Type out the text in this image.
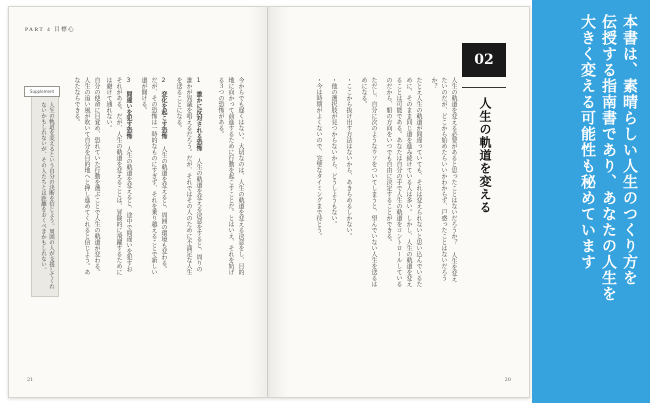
PART 4 目標心

今からでも遅くはない。大切なのは、人生の軌道を変える決意をし、目的地に向かって前進するために行動を起こすことだ。とはいえ、それを妨げる３つの恐怖がある。

1 誰かに反対される恐怖 人生の軌道を変える決意をすると、周りの誰かが異議を唱えるだろう。だが、それではその人のために不満足な人生を送ることになる。

2 変化を起こす恐怖 人生の軌道を変えると、周囲の環境も変わる。だが、その恐怖は一時的なものにすぎず、それを乗り越えることで新しい道が開ける。

3 間違いを犯す恐怖 人生の軌道を変えると、途中で間違いを犯すおそれがある。だが、人生の軌道を変えることは、冒険的に飛躍するためには避けて通れない。

自分の使命に目覚め、恐れていた行動を選ぶことで人生の軌道が変わる。人生の追い風が吹いて自分を目的地へと押し進めてくれると信じよう。あなたならできる。

Supplement

人生の軌道を変えるという自分の決断を信じよう。周囲の人が支援してくれないかもしれないが、その人たちとは距離をおくべきかもしれない。

21
02
人生の軌道を変える

人生の軌道を変える必要があると思ったことはないだろうか？ 人生を変えたいのだが、どこから始めたらいいかわからず、戸惑ったことはないだろうか？

たとえ人生の軌道が間違っていても、それは変えられないと思い込んでいるために、そのまま同じ道を進み続けている人は多い。しかし、人生の軌道を変えることは可能である。あなたは自分の手で人生の軌道をコントロールしているのだから、船の方向をいつでも自由に決定することができる。

ただし、自分に次のようなウソをついてしまうと、望んでいない人生を送るはめになる。

・ここから抜け出す方法はないから、あきらめるしかない。

・他の選択肢が見つからないから、どうしようもない。

・今は時期がよくないので、完璧なタイミングまで待とう。

20
本書は、素晴らしい人生のつくり方を
伝授する指南書であり、あなたの人生を
大きく変える可能性も秘めています
